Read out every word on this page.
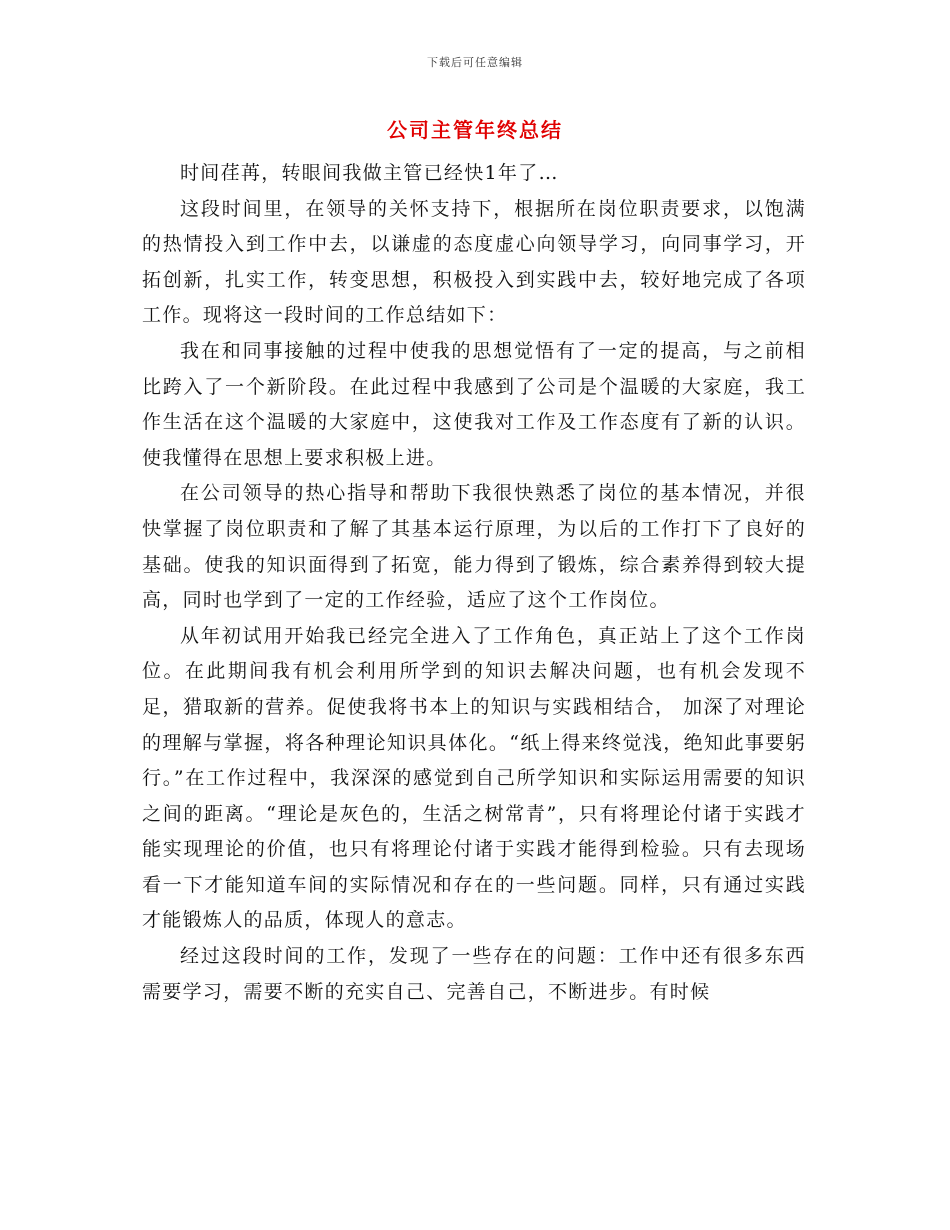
下载后可任意编辑
公司主管年终总结

时间荏苒，转眼间我做主管已经快1年了…

这段时间里，在领导的关怀支持下，根据所在岗位职责要求，以饱满的热情投入到工作中去，以谦虚的态度虚心向领导学习，向同事学习，开拓创新，扎实工作，转变思想，积极投入到实践中去，较好地完成了各项工作。现将这一段时间的工作总结如下：

我在和同事接触的过程中使我的思想觉悟有了一定的提高，与之前相比跨入了一个新阶段。在此过程中我感到了公司是个温暖的大家庭，我工作生活在这个温暖的大家庭中，这使我对工作及工作态度有了新的认识。使我懂得在思想上要求积极上进。

在公司领导的热心指导和帮助下我很快熟悉了岗位的基本情况，并很快掌握了岗位职责和了解了其基本运行原理，为以后的工作打下了良好的基础。使我的知识面得到了拓宽，能力得到了锻炼，综合素养得到较大提高，同时也学到了一定的工作经验，适应了这个工作岗位。

从年初试用开始我已经完全进入了工作角色，真正站上了这个工作岗位。在此期间我有机会利用所学到的知识去解决问题，也有机会发现不足，猎取新的营养。促使我将书本上的知识与实践相结合， 加深了对理论的理解与掌握，将各种理论知识具体化。“纸上得来终觉浅，绝知此事要躬行。”在工作过程中，我深深的感觉到自己所学知识和实际运用需要的知识之间的距离。“理论是灰色的，生活之树常青”，只有将理论付诸于实践才能实现理论的价值，也只有将理论付诸于实践才能得到检验。只有去现场看一下才能知道车间的实际情况和存在的一些问题。同样，只有通过实践才能锻炼人的品质，体现人的意志。

经过这段时间的工作，发现了一些存在的问题：工作中还有很多东西需要学习，需要不断的充实自己、完善自己，不断进步。有时候
